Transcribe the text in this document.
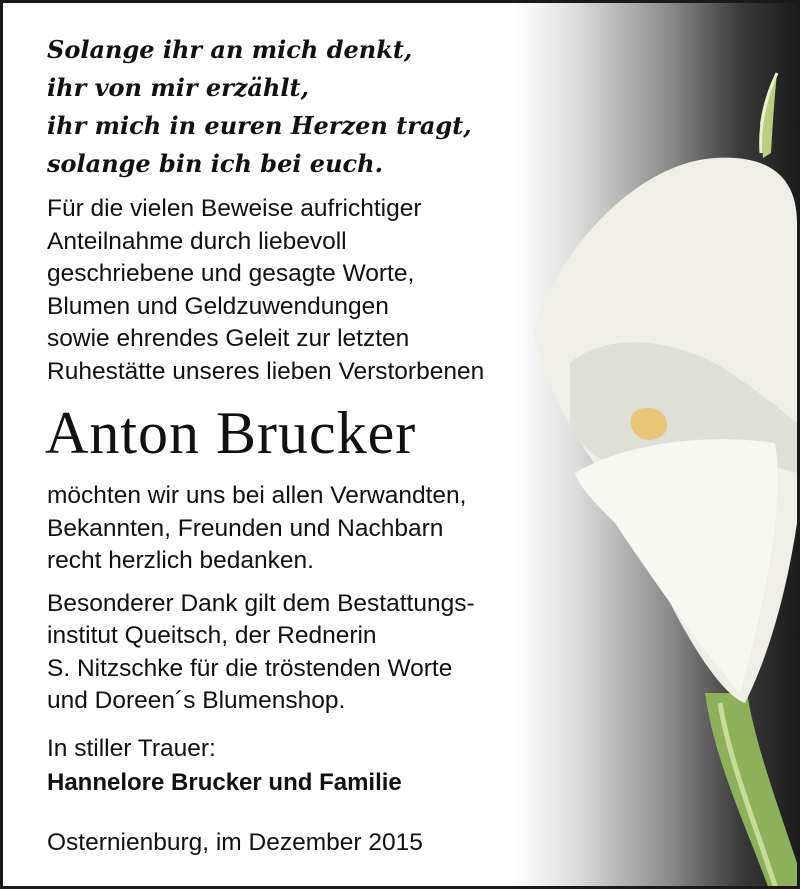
Solange ihr an mich denkt,
ihr von mir erzählt,
ihr mich in euren Herzen tragt,
solange bin ich bei euch.
Für die vielen Beweise aufrichtiger
Anteilnahme durch liebevoll
geschriebene und gesagte Worte,
Blumen und Geldzuwendungen
sowie ehrendes Geleit zur letzten
Ruhestätte unseres lieben Verstorbenen
Anton Brucker
möchten wir uns bei allen Verwandten,
Bekannten, Freunden und Nachbarn
recht herzlich bedanken.
Besonderer Dank gilt dem Bestattungs-
institut Queitsch, der Rednerin
S. Nitzschke für die tröstenden Worte
und Doreen´s Blumenshop.
In stiller Trauer:
Hannelore Brucker und Familie
Osternienburg, im Dezember 2015
